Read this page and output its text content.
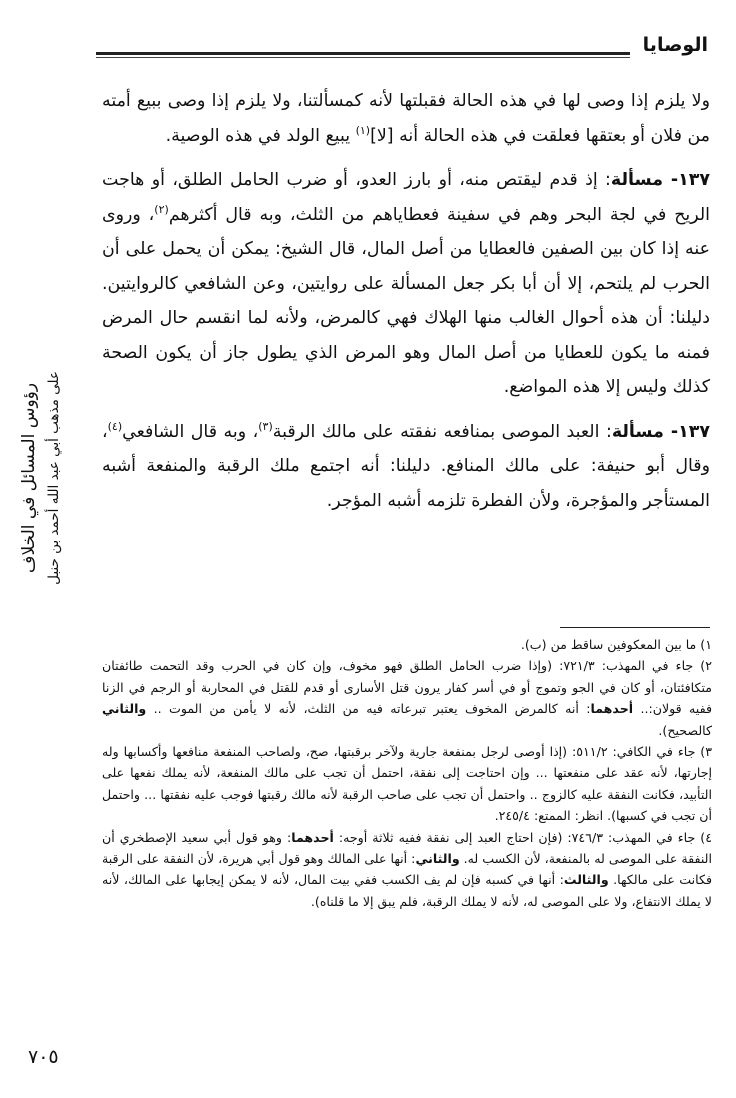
الوصايا

ولا يلزم إذا وصى لها في هذه الحالة فقبلتها لأنه كمسألتنا، ولا يلزم إذا وصى ببيع أمته من فلان أو بعتقها فعلقت في هذه الحالة أنه [لا]$^{(١)}$ يبيع الولد في هذه الوصية.

١٣٧- مسألة: إذ قدم ليقتص منه، أو بارز العدو، أو ضرب الحامل الطلق، أو هاجت الريح في لجة البحر وهم في سفينة فعطاياهم من الثلث، وبه قال أكثرهم$^{(٢)}$، وروى عنه إذا كان بين الصفين فالعطايا من أصل المال، قال الشيخ: يمكن أن يحمل على أن الحرب لم يلتحم، إلا أن أبا بكر جعل المسألة على روايتين، وعن الشافعي كالروايتين. دليلنا: أن هذه أحوال الغالب منها الهلاك فهي كالمرض، ولأنه لما انقسم حال المرض فمنه ما يكون للعطايا من أصل المال وهو المرض الذي يطول جاز أن يكون الصحة كذلك وليس إلا هذه المواضع.

١٣٧- مسألة: العبد الموصى بمنافعه نفقته على مالك الرقبة$^{(٣)}$، وبه قال الشافعي$^{(٤)}$، وقال أبو حنيفة: على مالك المنافع. دليلنا: أنه اجتمع ملك الرقبة والمنفعة أشبه المستأجر والمؤجرة، ولأن الفطرة تلزمه أشبه المؤجر.

١) ما بين المعكوفين ساقط من (ب).

٢) جاء في المهذب: ٧٢١/٣: (وإذا ضرب الحامل الطلق فهو مخوف، وإن كان في الحرب وقد التحمت طائفتان متكافئتان، أو كان في الجو وتموج أو في أسر كفار يرون قتل الأسارى أو قدم للقتل في المحاربة أو الرجم في الزنا ففيه قولان:.. أحدهما: أنه كالمرض المخوف يعتبر تبرعاته فيه من الثلث، لأنه لا يأمن من الموت .. والثاني كالصحيح).

٣) جاء في الكافي: ٥١١/٢: (إذا أوصى لرجل بمنفعة جارية ولآخر برقبتها، صح، ولصاحب المنفعة منافعها وأكسابها وله إجارتها، لأنه عقد على منفعتها ... وإن احتاجت إلى نفقة، احتمل أن تجب على مالك المنفعة، لأنه يملك نفعها على التأبيد، فكانت النفقة عليه كالزوج .. واحتمل أن تجب على صاحب الرقبة لأنه مالك رقبتها فوجب عليه نفقتها ... واحتمل أن تجب في كسبها). انظر: الممتع: ٢٤٥/٤.

٤) جاء في المهذب: ٧٤٦/٣: (فإن احتاج العبد إلى نفقة ففيه ثلاثة أوجه: أحدهما: وهو قول أبي سعيد الإصطخري أن النفقة على الموصى له بالمنفعة، لأن الكسب له. والثاني: أنها على المالك وهو قول أبي هريرة، لأن النفقة على الرقبة فكانت على مالكها. والثالث: أنها في كسبه فإن لم يف الكسب ففي بيت المال، لأنه لا يمكن إيجابها على المالك، لأنه لا يملك الانتفاع، ولا على الموصى له، لأنه لا يملك الرقبة، فلم يبق إلا ما قلناه).

رؤوس المسائل في الخلاف على مذهب أبي عبد الله أحمد بن حنبل
٧٠٥
